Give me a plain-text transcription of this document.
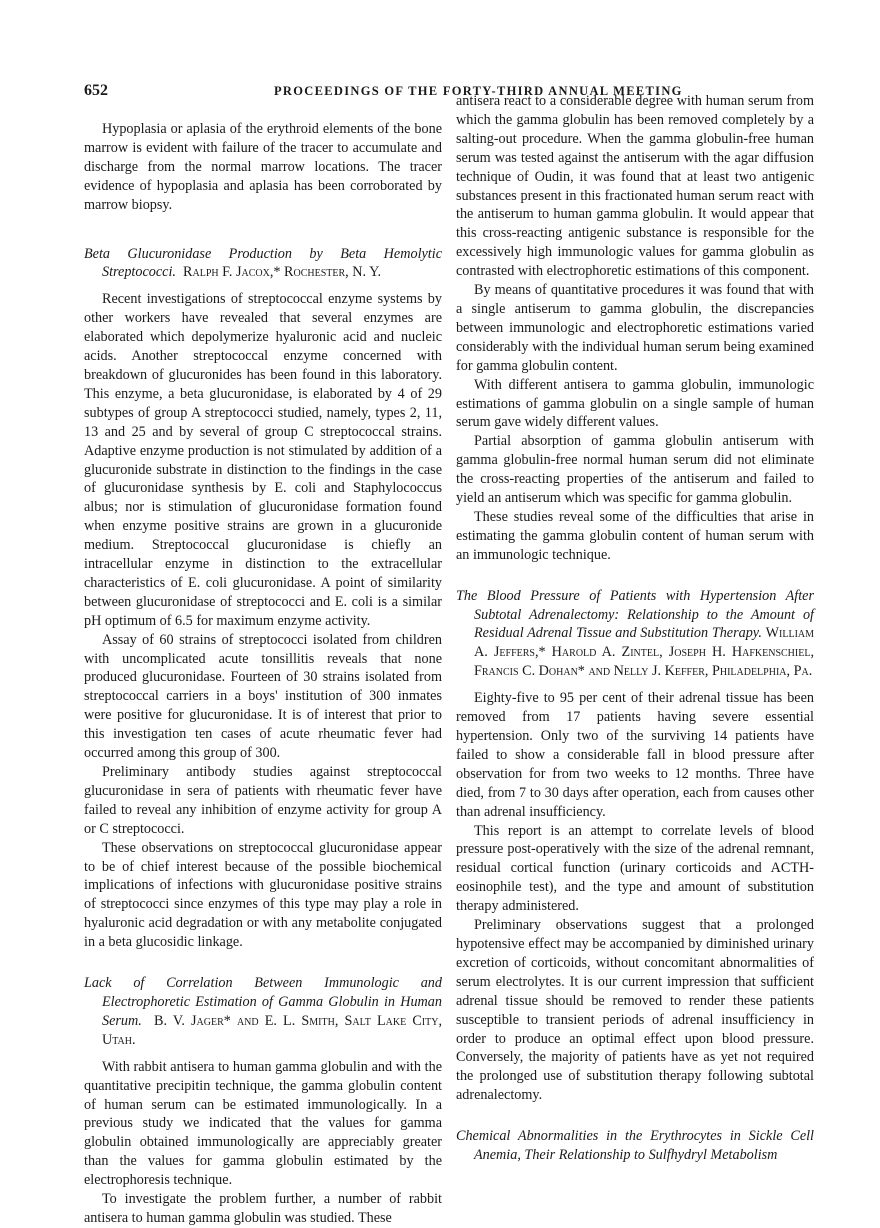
652	PROCEEDINGS OF THE FORTY-THIRD ANNUAL MEETING

Hypoplasia or aplasia of the erythroid elements of the bone marrow is evident with failure of the tracer to accumulate and discharge from the normal marrow locations. The tracer evidence of hypoplasia and aplasia has been corroborated by marrow biopsy.

Beta Glucuronidase Production by Beta Hemolytic Streptococci. Ralph F. Jacox,* Rochester, N. Y.

Recent investigations of streptococcal enzyme systems by other workers have revealed that several enzymes are elaborated which depolymerize hyaluronic acid and nucleic acids. Another streptococcal enzyme concerned with breakdown of glucuronides has been found in this laboratory. This enzyme, a beta glucuronidase, is elaborated by 4 of 29 subtypes of group A streptococci studied, namely, types 2, 11, 13 and 25 and by several of group C streptococcal strains. Adaptive enzyme production is not stimulated by addition of a glucuronide substrate in distinction to the findings in the case of glucuronidase synthesis by E. coli and Staphylococcus albus; nor is stimulation of glucuronidase formation found when enzyme positive strains are grown in a glucuronide medium. Streptococcal glucuronidase is chiefly an intracellular enzyme in distinction to the extracellular characteristics of E. coli glucuronidase. A point of similarity between glucuronidase of streptococci and E. coli is a similar pH optimum of 6.5 for maximum enzyme activity.

Assay of 60 strains of streptococci isolated from children with uncomplicated acute tonsillitis reveals that none produced glucuronidase. Fourteen of 30 strains isolated from streptococcal carriers in a boys' institution of 300 inmates were positive for glucuronidase. It is of interest that prior to this investigation ten cases of acute rheumatic fever had occurred among this group of 300.

Preliminary antibody studies against streptococcal glucuronidase in sera of patients with rheumatic fever have failed to reveal any inhibition of enzyme activity for group A or C streptococci.

These observations on streptococcal glucuronidase appear to be of chief interest because of the possible biochemical implications of infections with glucuronidase positive strains of streptococci since enzymes of this type may play a role in hyaluronic acid degradation or with any metabolite conjugated in a beta glucosidic linkage.

Lack of Correlation Between Immunologic and Electrophoretic Estimation of Gamma Globulin in Human Serum. B. V. Jager* and E. L. Smith, Salt Lake City, Utah.

With rabbit antisera to human gamma globulin and with the quantitative precipitin technique, the gamma globulin content of human serum can be estimated immunologically. In a previous study we indicated that the values for gamma globulin obtained immunologically are appreciably greater than the values for gamma globulin estimated by the electrophoresis technique.

To investigate the problem further, a number of rabbit antisera to human gamma globulin was studied. These

antisera react to a considerable degree with human serum from which the gamma globulin has been removed completely by a salting-out procedure. When the gamma globulin-free human serum was tested against the antiserum with the agar diffusion technique of Oudin, it was found that at least two antigenic substances present in this fractionated human serum react with the antiserum to human gamma globulin. It would appear that this cross-reacting antigenic substance is responsible for the excessively high immunologic values for gamma globulin as contrasted with electrophoretic estimations of this component.

By means of quantitative procedures it was found that with a single antiserum to gamma globulin, the discrepancies between immunologic and electrophoretic estimations varied considerably with the individual human serum being examined for gamma globulin content.

With different antisera to gamma globulin, immunologic estimations of gamma globulin on a single sample of human serum gave widely different values.

Partial absorption of gamma globulin antiserum with gamma globulin-free normal human serum did not eliminate the cross-reacting properties of the antiserum and failed to yield an antiserum which was specific for gamma globulin.

These studies reveal some of the difficulties that arise in estimating the gamma globulin content of human serum with an immunologic technique.

The Blood Pressure of Patients with Hypertension After Subtotal Adrenalectomy: Relationship to the Amount of Residual Adrenal Tissue and Substitution Therapy. William A. Jeffers,* Harold A. Zintel, Joseph H. Hafkenschiel, Francis C. Dohan* and Nelly J. Keffer, Philadelphia, Pa.

Eighty-five to 95 per cent of their adrenal tissue has been removed from 17 patients having severe essential hypertension. Only two of the surviving 14 patients have failed to show a considerable fall in blood pressure after observation for from two weeks to 12 months. Three have died, from 7 to 30 days after operation, each from causes other than adrenal insufficiency.

This report is an attempt to correlate levels of blood pressure post-operatively with the size of the adrenal remnant, residual cortical function (urinary corticoids and ACTH-eosinophile test), and the type and amount of substitution therapy administered.

Preliminary observations suggest that a prolonged hypotensive effect may be accompanied by diminished urinary excretion of corticoids, without concomitant abnormalities of serum electrolytes. It is our current impression that sufficient adrenal tissue should be removed to render these patients susceptible to transient periods of adrenal insufficiency in order to produce an optimal effect upon blood pressure. Conversely, the majority of patients have as yet not required the prolonged use of substitution therapy following subtotal adrenalectomy.

Chemical Abnormalities in the Erythrocytes in Sickle Cell Anemia, Their Relationship to Sulfhydryl Metabolism
